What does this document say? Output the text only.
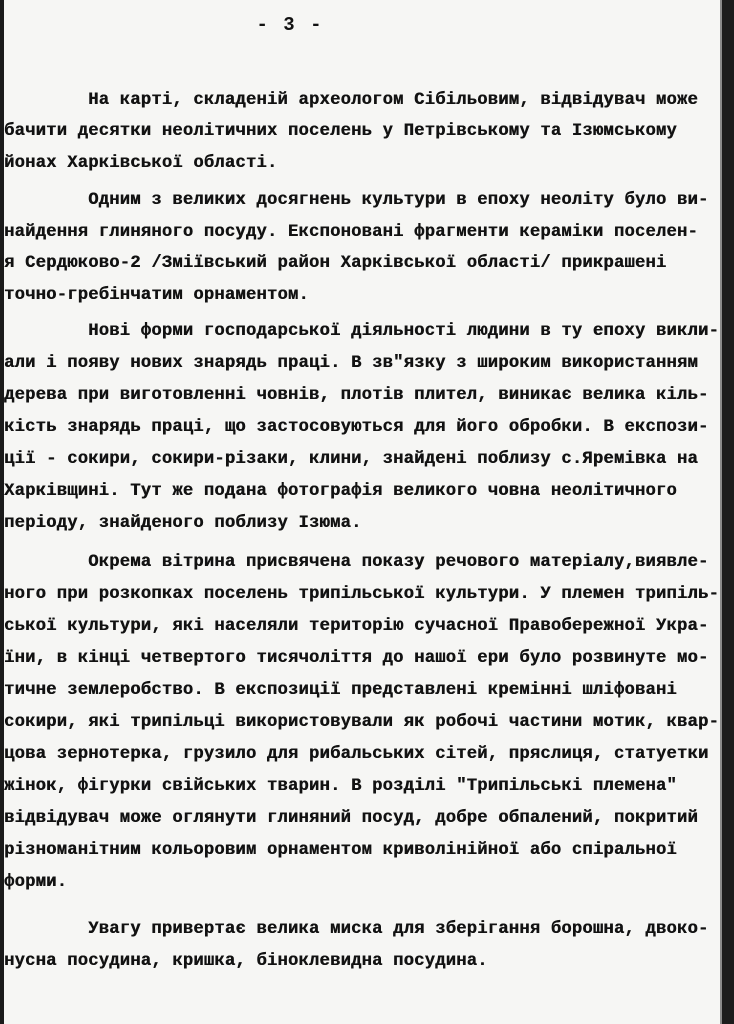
- 3 -
На карті, складеній археологом Сібільовим, відвідувач може
бачити десятки неолітичних поселень у Петрівському та Ізюмському
йонах Харківської області.
Одним з великих досягнень культури в епоху неоліту було ви-
найдення глиняного посуду. Експоновані фрагменти кераміки поселен-
я Сердюково-2 /Зміївський район Харківської області/ прикрашені
точно-гребінчатим орнаментом.
Нові форми господарської діяльності людини в ту епоху викли-
али і появу нових знарядь праці. В зв"язку з широким використанням
дерева при виготовленні човнів, плотів плител, виникає велика кіль-
кість знарядь праці, що застосовуються для його обробки. В експози-
ції - сокири, сокири-різаки, клини, знайдені поблизу с.Яремівка на
Харківщині. Тут же подана фотографія великого човна неолітичного
періоду, знайденого поблизу Ізюма.
Окрема вітрина присвячена показу речового матеріалу,виявле-
ного при розкопках поселень трипільської культури. У племен трипіль-
ської культури, які населяли територію сучасної Правобережної Укра-
їни, в кінці четвертого тисячоліття до нашої ери було розвинуте мо-
тичне землеробство. В експозиції представлені кремінні шліфовані
сокири, які трипільці використовували як робочі частини мотик, квар-
цова зернотерка, грузило для рибальських сітей, пряслиця, статуетки
жінок, фігурки свійських тварин. В розділі "Трипільські племена"
відвідувач може оглянути глиняний посуд, добре обпалений, покритий
різноманітним кольоровим орнаментом криволінійної або спіральної
форми.
Увагу привертає велика миска для зберігання борошна, двоко-
нусна посудина, кришка, біноклевидна посудина.
